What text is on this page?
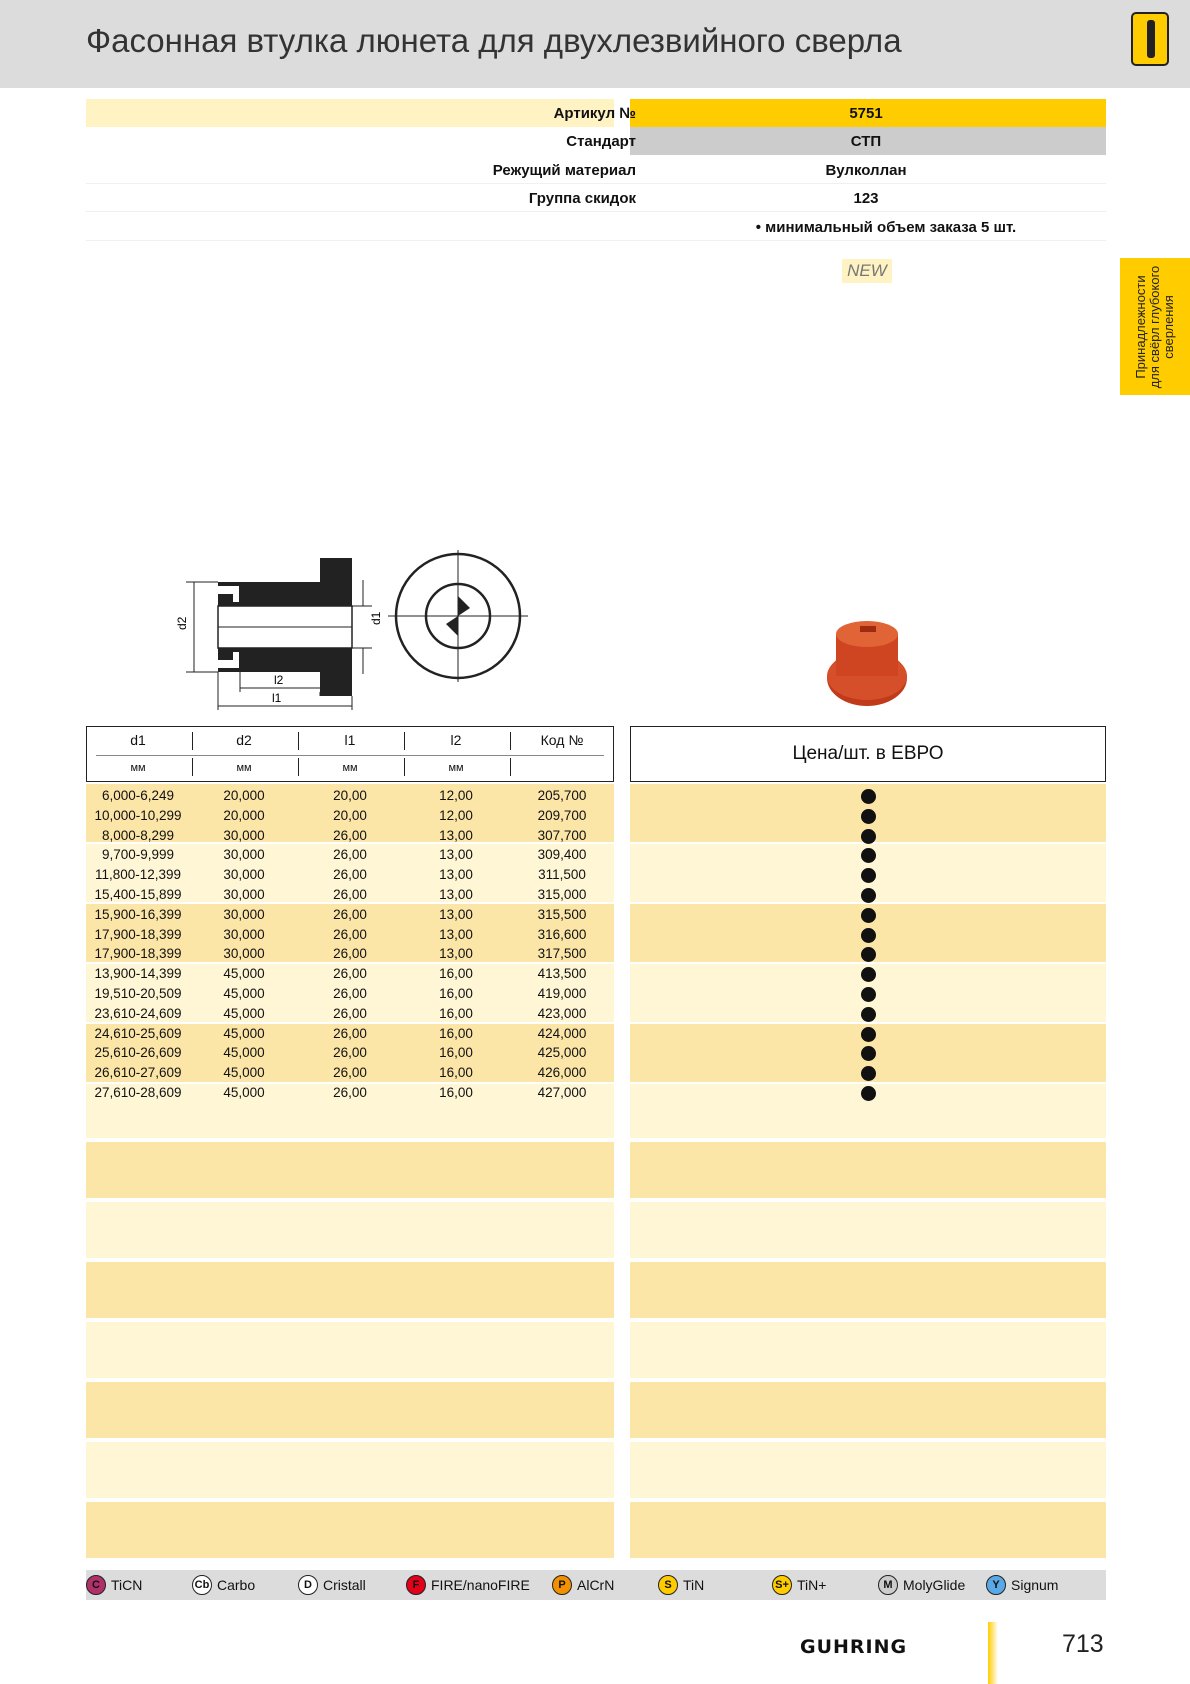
Фасонная втулка люнета для двухлезвийного сверла
Артикул №	5751
Стандарт	СТП
Режущий материал	Вулколлан
Группа скидок	123
• минимальный объем заказа 5 шт.
NEW
Принадлежности для свёрл глубокого сверления
d2	d1
l2
l1
Цена/шт. в ЕВРО
d1	d2	l1	l2	Код №
мм	мм	мм	мм
6,000-6,249	20,000	20,00	12,00	205,700
10,000-10,299	20,000	20,00	12,00	209,700
8,000-8,299	30,000	26,00	13,00	307,700
9,700-9,999	30,000	26,00	13,00	309,400
11,800-12,399	30,000	26,00	13,00	311,500
15,400-15,899	30,000	26,00	13,00	315,000
15,900-16,399	30,000	26,00	13,00	315,500
17,900-18,399	30,000	26,00	13,00	316,600
17,900-18,399	30,000	26,00	13,00	317,500
13,900-14,399	45,000	26,00	16,00	413,500
19,510-20,509	45,000	26,00	16,00	419,000
23,610-24,609	45,000	26,00	16,00	423,000
24,610-25,609	45,000	26,00	16,00	424,000
25,610-26,609	45,000	26,00	16,00	425,000
26,610-27,609	45,000	26,00	16,00	426,000
27,610-28,609	45,000	26,00	16,00	427,000
C TiCN	Cb Carbo	D Cristall	F FIRE/nanoFIRE	P AlCrN	S TiN	S+ TiN+	M MolyGlide	Y Signum
GUHRING	713
